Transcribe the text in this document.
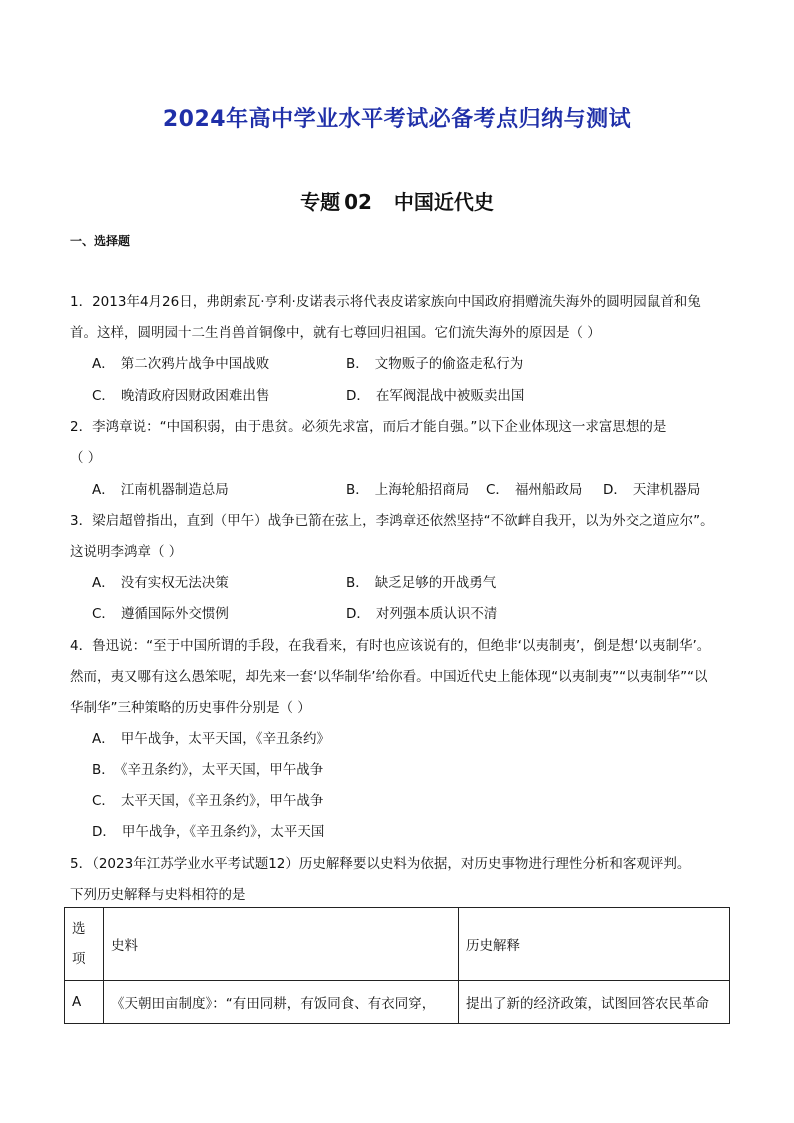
2024年高中学业水平考试必备考点归纳与测试
专题 02 中国近代史
一、选择题
1．2013年4月26日，弗朗索瓦·亨利·皮诺表示将代表皮诺家族向中国政府捐赠流失海外的圆明园鼠首和兔
首。这样，圆明园十二生肖兽首铜像中，就有七尊回归祖国。它们流失海外的原因是（ ）
A． 第二次鸦片战争中国战败	B． 文物贩子的偷盗走私行为
C． 晚清政府因财政困难出售	D． 在军阀混战中被贩卖出国
2．李鸿章说：“中国积弱，由于患贫。必须先求富，而后才能自强。”以下企业体现这一求富思想的是
（ ）
A． 江南机器制造总局	B． 上海轮船招商局 C． 福州船政局 D． 天津机器局
3．梁启超曾指出，直到（甲午）战争已箭在弦上，李鸿章还依然坚持“不欲衅自我开，以为外交之道应尔”。
这说明李鸿章（ ）
A． 没有实权无法决策	B． 缺乏足够的开战勇气
C． 遵循国际外交惯例	D． 对列强本质认识不清
4．鲁迅说：“至于中国所谓的手段，在我看来，有时也应该说有的，但绝非‘以夷制夷’，倒是想‘以夷制华’。
然而，夷又哪有这么愚笨呢，却先来一套‘以华制华’给你看。中国近代史上能体现“以夷制夷”“以夷制华”“以
华制华”三种策略的历史事件分别是（ ）
A． 甲午战争，太平天国，《辛丑条约》
B． 《辛丑条约》，太平天国，甲午战争
C． 太平天国，《辛丑条约》，甲午战争
D． 甲午战争，《辛丑条约》，太平天国
5．（2023年江苏学业水平考试题12）历史解释要以史料为依据，对历史事物进行理性分析和客观评判。
下列历史解释与史料相符的是
选项	史料	历史解释
A	《天朝田亩制度》：“有田同耕，有饭同食、有衣同穿，	提出了新的经济政策，试图回答农民革命
